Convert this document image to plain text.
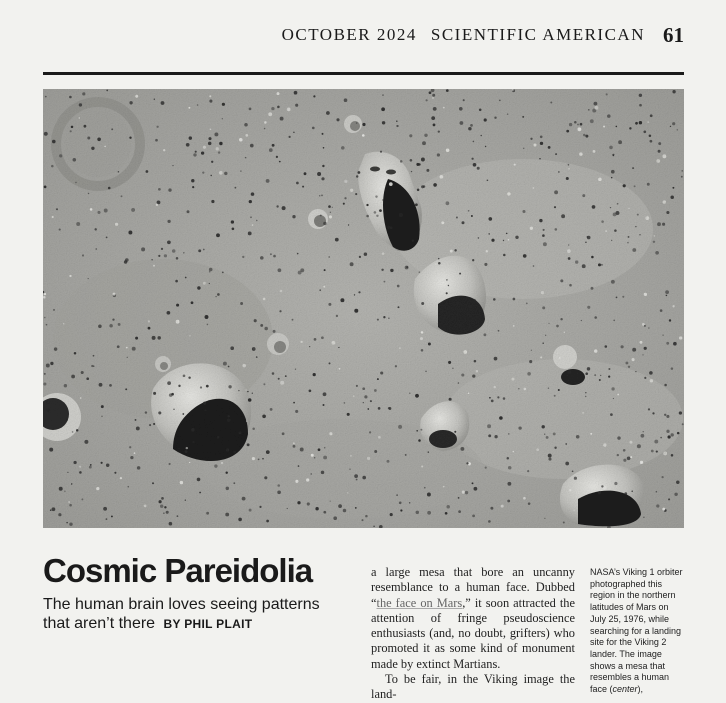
OCTOBER 2024 SCIENTIFIC AMERICAN 61
Cosmic Pareidolia
The human brain loves seeing patterns that aren’t there BY PHIL PLAIT

a large mesa that bore an uncanny resemblance to a human face. Dubbed “the face on Mars,” it soon attracted the attention of fringe pseudoscience enthusiasts (and, no doubt, grifters) who promoted it as some kind of monument made by extinct Martians.

To be fair, in the Viking image the land-

NASA’s Viking 1 orbiter photographed this region in the northern latitudes of Mars on July 25, 1976, while searching for a landing site for the Viking 2 lander. The image shows a mesa that resembles a human face (center),
